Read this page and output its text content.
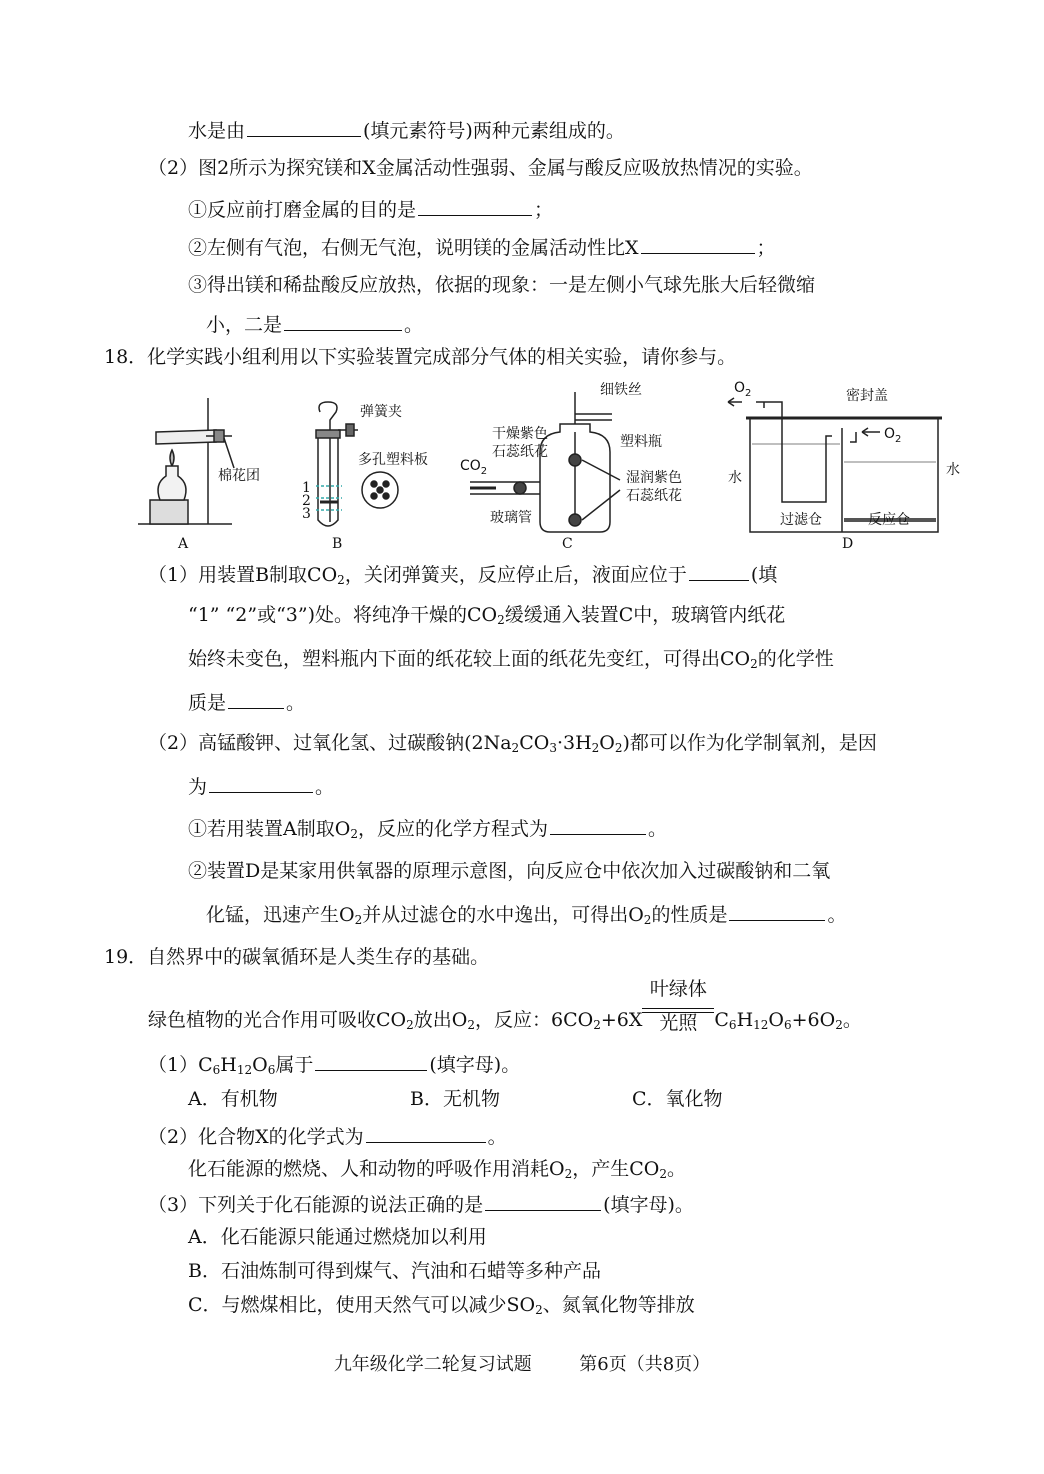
水是由	(填元素符号)两种元素组成的。
（2）图2所示为探究镁和X金属活动性强弱、金属与酸反应吸放热情况的实验。
①反应前打磨金属的目的是	；
②左侧有气泡，右侧无气泡，说明镁的金属活动性比X	；
③得出镁和稀盐酸反应放热，依据的现象：一是左侧小气球先胀大后轻微缩
小，二是	。
18．化学实践小组利用以下实验装置完成部分气体的相关实验，请你参与。
棉花团
弹簧夹
多孔塑料板
1
2
3
细铁丝
干燥紫色
石蕊纸花
塑料瓶
湿润紫色
石蕊纸花
$CO_2$
玻璃管
$O_2$	密封盖
$O_2$
水	水
过滤仓	反应仓
A	B	C	D
（1）用装置B制取$CO_2$，关闭弹簧夹，反应停止后，液面应位于	(填
“1” “2”或“3”)处。将纯净干燥的$CO_2$缓缓通入装置C中，玻璃管内纸花
始终未变色，塑料瓶内下面的纸花较上面的纸花先变红，可得出$CO_2$的化学性
质是	。
（2）高锰酸钾、过氧化氢、过碳酸钠$(2Na_2CO_3\cdot 3H_2O_2)$都可以作为化学制氧剂，是因
为	。
①若用装置A制取$O_2$，反应的化学方程式为	。
②装置D是某家用供氧器的原理示意图，向反应仓中依次加入过碳酸钠和二氧
化锰，迅速产生$O_2$并从过滤仓的水中逸出，可得出$O_2$的性质是	。
19．自然界中的碳氧循环是人类生存的基础。
绿色植物的光合作用可吸收$CO_2$放出$O_2$，反应：$6CO_2+6X \frac{\text{叶绿体}}{\text{光照}} C_6H_{12}O_6+6O_2$。
$(1)C_6H_{12}O_6$属于	(填字母)。
A．有机物	B．无机物	C．氧化物
（2）化合物X的化学式为	。
化石能源的燃烧、人和动物的呼吸作用消耗$O_2$，产生$CO_2$。
（3）下列关于化石能源的说法正确的是	(填字母)。
A．化石能源只能通过燃烧加以利用
B．石油炼制可得到煤气、汽油和石蜡等多种产品
C．与燃煤相比，使用天然气可以减少$SO_2$、氮氧化物等排放
九年级化学二轮复习试题	第6页（共8页）
